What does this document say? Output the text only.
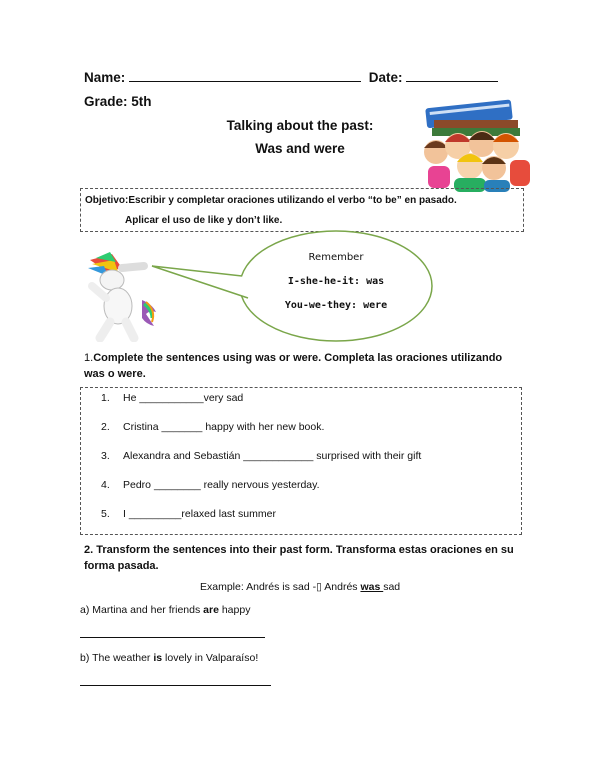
Name:	Date:
Grade: 5th
Talking about the past:
Was and were
Objetivo:Escribir y completar oraciones utilizando el verbo “to be” en pasado.
Aplicar el uso de like y don’t like.
Remember
I-she-he-it: was
You-we-they: were
1.Complete the sentences using was or were. Completa las oraciones utilizando was o were.
1. He ___________very sad
2. Cristina _______ happy with her new book.
3. Alexandra and Sebastián ____________ surprised with their gift
4. Pedro ________ really nervous yesterday.
5. I _________relaxed last summer
2. Transform the sentences into their past form. Transforma estas oraciones en su forma pasada.
Example: Andrés is sad -▯ Andrés was sad
a) Martina and her friends are happy
b) The weather is lovely in Valparaíso!
